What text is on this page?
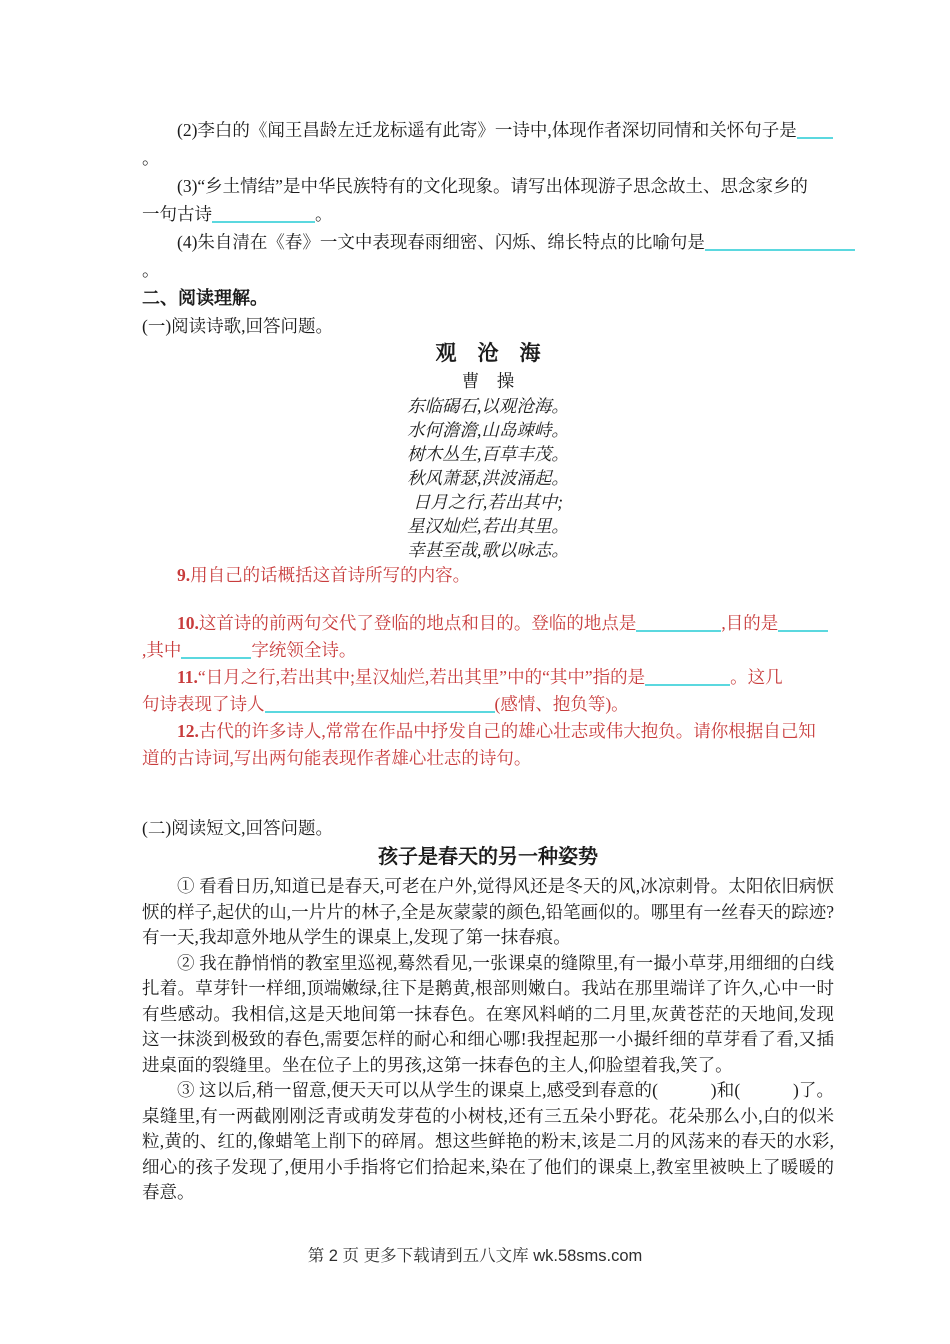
(2)李白的《闻王昌龄左迁龙标遥有此寄》一诗中,体现作者深切同情和关怀句子是

。

(3)“乡土情结”是中华民族特有的文化现象。请写出体现游子思念故土、思念家乡的

一句古诗	。

(4)朱自清在《春》一文中表现春雨细密、闪烁、绵长特点的比喻句是

。

二、阅读理解。

(一)阅读诗歌,回答问题。

观　沧　海

曹　操

东临碣石,以观沧海。

水何澹澹,山岛竦峙。

树木丛生,百草丰茂。

秋风萧瑟,洪波涌起。

日月之行,若出其中;

星汉灿烂,若出其里。

幸甚至哉,歌以咏志。

9.用自己的话概括这首诗所写的内容。

10.这首诗的前两句交代了登临的地点和目的。登临的地点是	,目的是

,其中	字统领全诗。

11.“日月之行,若出其中;星汉灿烂,若出其里”中的“其中”指的是	。这几

句诗表现了诗人	(感情、抱负等)。

12.古代的许多诗人,常常在作品中抒发自己的雄心壮志或伟大抱负。请你根据自己知

道的古诗词,写出两句能表现作者雄心壮志的诗句。

(二)阅读短文,回答问题。

孩子是春天的另一种姿势

① 看看日历,知道已是春天,可老在户外,觉得风还是冬天的风,冰凉刺骨。太阳依旧病恹恹的样子,起伏的山,一片片的林子,全是灰蒙蒙的颜色,铅笔画似的。哪里有一丝春天的踪迹?有一天,我却意外地从学生的课桌上,发现了第一抹春痕。

② 我在静悄悄的教室里巡视,蓦然看见,一张课桌的缝隙里,有一撮小草芽,用细细的白线扎着。草芽针一样细,顶端嫩绿,往下是鹅黄,根部则嫩白。我站在那里端详了许久,心中一时有些感动。我相信,这是天地间第一抹春色。在寒风料峭的二月里,灰黄苍茫的天地间,发现这一抹淡到极致的春色,需要怎样的耐心和细心哪!我捏起那一小撮纤细的草芽看了看,又插进桌面的裂缝里。坐在位子上的男孩,这第一抹春色的主人,仰脸望着我,笑了。

③ 这以后,稍一留意,便天天可以从学生的课桌上,感受到春意的(　　　)和(　　　)了。桌缝里,有一两截刚刚泛青或萌发芽苞的小树枝,还有三五朵小野花。花朵那么小,白的似米粒,黄的、红的,像蜡笔上削下的碎屑。想这些鲜艳的粉末,该是二月的风荡来的春天的水彩,细心的孩子发现了,便用小手指将它们拾起来,染在了他们的课桌上,教室里被映上了暖暖的春意。

第 2 页 更多下载请到五八文库 wk.58sms.com
